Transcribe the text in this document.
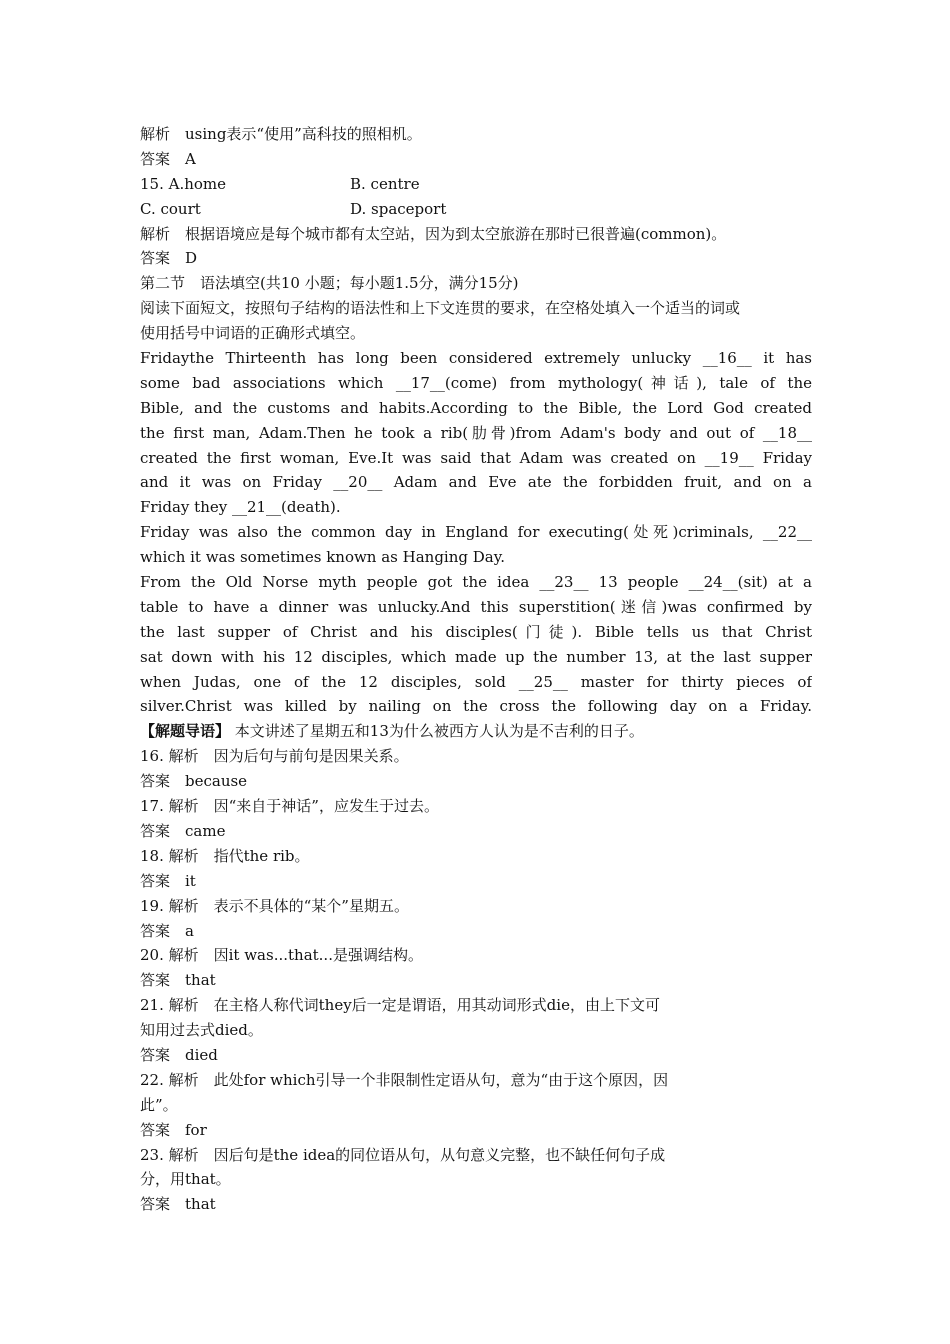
解析　using表示“使用”高科技的照相机。
答案　A
15. A.home	B. centre
C. court	D. spaceport
解析　根据语境应是每个城市都有太空站，因为到太空旅游在那时已很普遍(common)。
答案　D
第二节　语法填空(共10 小题；每小题1.5分，满分15分)
阅读下面短文，按照句子结构的语法性和上下文连贯的要求，在空格处填入一个适当的词或
使用括号中词语的正确形式填空。
Fridaythe Thirteenth has long been considered extremely unlucky __16__ it has
some bad associations which __17__(come) from mythology(神话), tale of the
Bible, and the customs and habits.According to the Bible, the Lord God created
the first man, Adam.Then he took a rib(肋骨)from Adam's body and out of __18__
created the first woman, Eve.It was said that Adam was created on __19__ Friday
and it was on Friday __20__ Adam and Eve ate the forbidden fruit, and on a
Friday they __21__(death).
Friday was also the common day in England for executing(处死)criminals, __22__
which it was sometimes known as Hanging Day.
From the Old Norse myth people got the idea __23__ 13 people __24__(sit) at a
table to have a dinner was unlucky.And this superstition(迷信)was confirmed by
the last supper of Christ and his disciples(门徒). Bible tells us that Christ
sat down with his 12 disciples, which made up the number 13, at the last supper
when Judas, one of the 12 disciples, sold __25__ master for thirty pieces of
silver.Christ was killed by nailing on the cross the following day on a Friday.
【解题导语】 本文讲述了星期五和13为什么被西方人认为是不吉利的日子。
16. 解析　因为后句与前句是因果关系。
答案　because
17. 解析　因“来自于神话”，应发生于过去。
答案　came
18. 解析　指代the rib。
答案　it
19. 解析　表示不具体的“某个”星期五。
答案　a
20. 解析　因it was...that...是强调结构。
答案　that
21. 解析　在主格人称代词they后一定是谓语，用其动词形式die，由上下文可
知用过去式died。
答案　died
22. 解析　此处for which引导一个非限制性定语从句，意为“由于这个原因，因
此”。
答案　for
23. 解析　因后句是the idea的同位语从句，从句意义完整，也不缺任何句子成
分，用that。
答案　that
